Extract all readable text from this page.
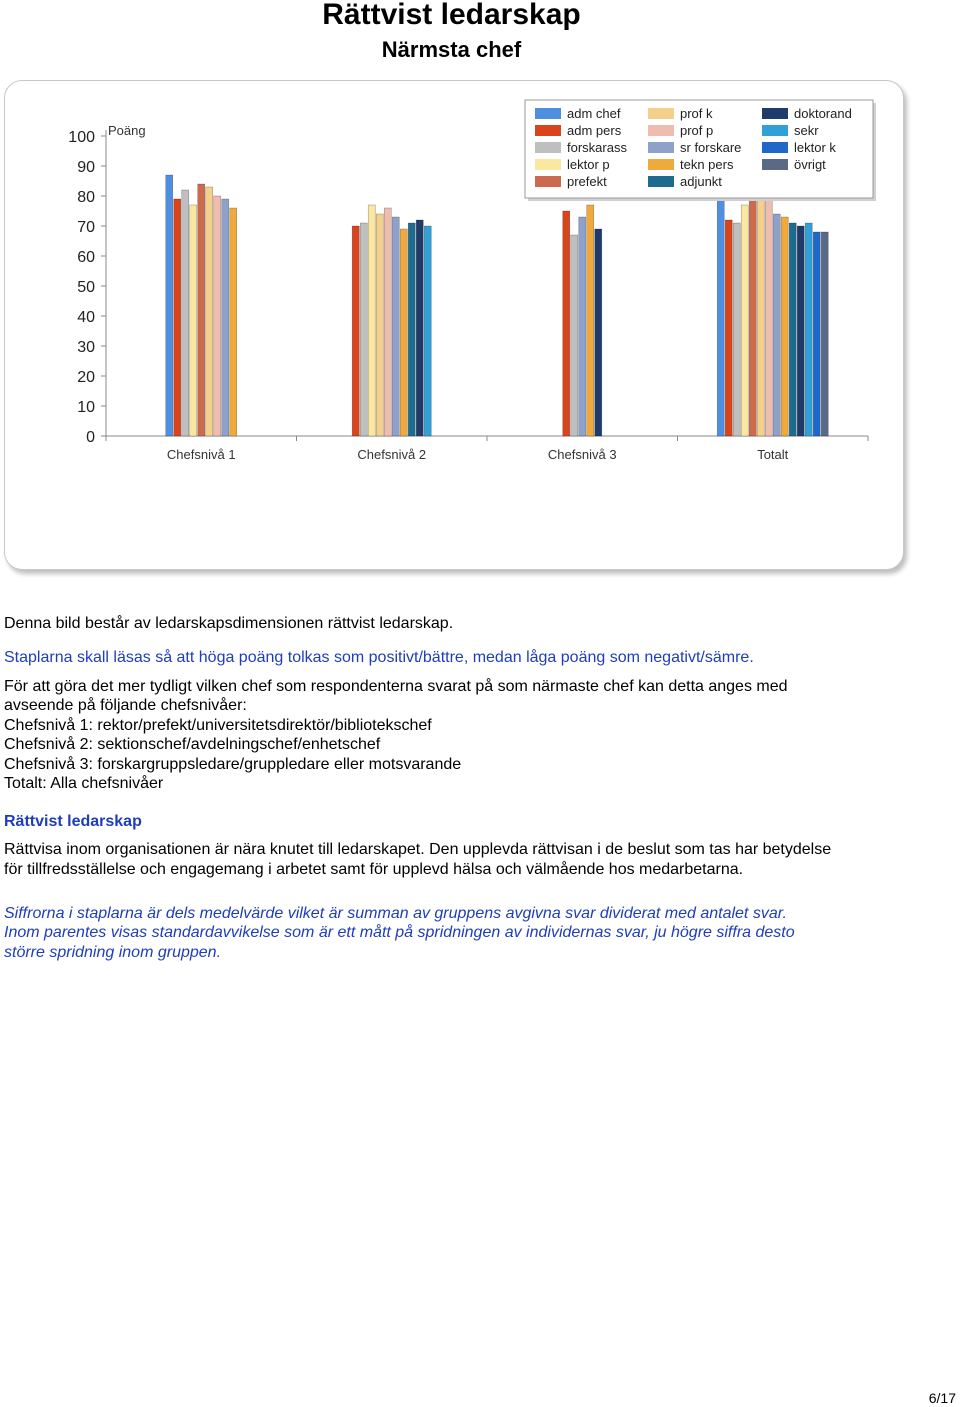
Rättvist ledarskap
Närmsta chef
0
10
20
30
40
50
60
70
80
90
100 Poäng
Chefsnivå 1	Chefsnivå 2	Chefsnivå 3	Totalt
adm chef
adm pers
forskarass
lektor p
prefekt
prof k
prof p
sr forskare
tekn pers
adjunkt
doktorand
sekr
lektor k
övrigt
Denna bild består av ledarskapsdimensionen rättvist ledarskap.
Staplarna skall läsas så att höga poäng tolkas som positivt/bättre, medan låga poäng som negativt/sämre.
För att göra det mer tydligt vilken chef som respondenterna svarat på som närmaste chef kan detta anges med
avseende på följande chefsnivåer:
Chefsnivå 1: rektor/prefekt/universitetsdirektör/bibliotekschef
Chefsnivå 2: sektionschef/avdelningschef/enhetschef
Chefsnivå 3: forskargruppsledare/gruppledare eller motsvarande
Totalt: Alla chefsnivåer
Rättvist ledarskap
Rättvisa inom organisationen är nära knutet till ledarskapet. Den upplevda rättvisan i de beslut som tas har betydelse
för tillfredsställelse och engagemang i arbetet samt för upplevd hälsa och välmående hos medarbetarna.
Siffrorna i staplarna är dels medelvärde vilket är summan av gruppens avgivna svar dividerat med antalet svar.
Inom parentes visas standardavvikelse som är ett mått på spridningen av individernas svar, ju högre siffra desto
större spridning inom gruppen.
6/17
